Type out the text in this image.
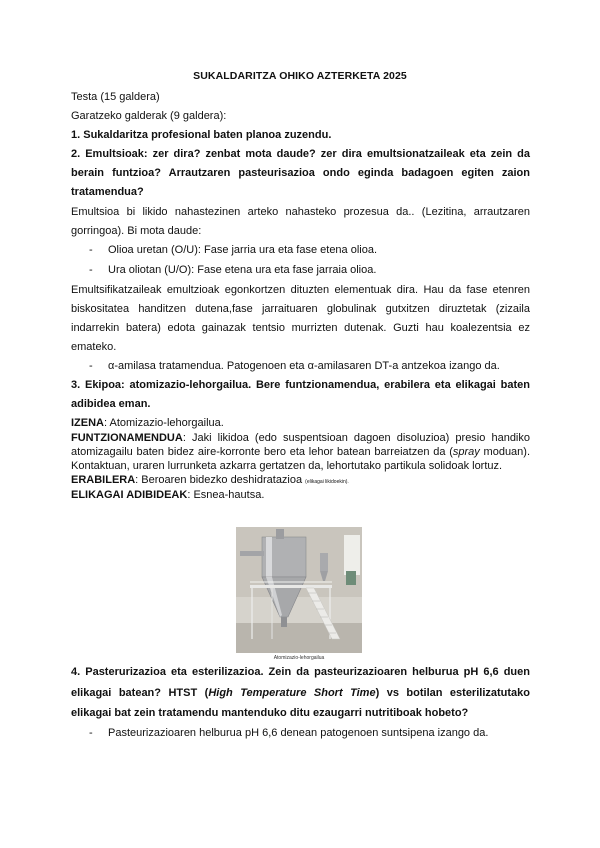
SUKALDARITZA OHIKO AZTERKETA 2025
Testa (15 galdera)
Garatzeko galderak (9 galdera):
1. Sukaldaritza profesional baten planoa zuzendu.
2. Emultsioak: zer dira? zenbat mota daude? zer dira emultsionatzaileak eta zein da
berain funtzioa? Arrautzaren pasteurisazioa ondo eginda badagoen egiten zaion
tratamendua?
Emultsioa bi likido nahastezinen arteko nahasteko prozesua da.. (Lezitina, arrautzaren
gorringoa). Bi mota daude:
- Olioa uretan (O/U): Fase jarria ura eta fase etena olioa.
- Ura oliotan (U/O): Fase etena ura eta fase jarraia olioa.
Emultsifikatzaileak emultzioak egonkortzen dituzten elementuak dira. Hau da fase etenren
biskositatea handitzen dutena,fase jarraituaren globulinak gutxitzen diruztetak (zizaila
indarrekin batera) edota gainazak tentsio murrizten dutenak. Guzti hau koalezentsia ez
emateko.
- α-amilasa tratamendua. Patogenoen eta α-amilasaren DT-a antzekoa izango da.
3. Ekipoa: atomizazio-lehorgailua. Bere funtzionamendua, erabilera eta elikagai baten
adibidea eman.
IZENA: Atomizazio-lehorgailua.
FUNTZIONAMENDUA: Jaki likidoa (edo suspentsioan dagoen disoluzioa) presio handiko
atomizagailu baten bidez aire-korronte bero eta lehor batean barreiatzen da (spray moduan).
Kontaktuan, uraren lurrunketa azkarra gertatzen da, lehortutako partikula solidoak lortuz.
ERABILERA: Beroaren bidezko deshidratazioa (elikagai likidoekin).
ELIKAGAI ADIBIDEAK: Esnea-hautsa.
Atomizazio-lehorgailua
4. Pasterurizazioa eta esterilizazioa. Zein da pasteurizazioaren helburua pH 6,6 duen
elikagai batean? HTST (High Temperature Short Time) vs botilan esterilizatutako
elikagai bat zein tratamendu mantenduko ditu ezaugarri nutritiboak hobeto?
- Pasteurizazioaren helburua pH 6,6 denean patogenoen suntsipena izango da.
